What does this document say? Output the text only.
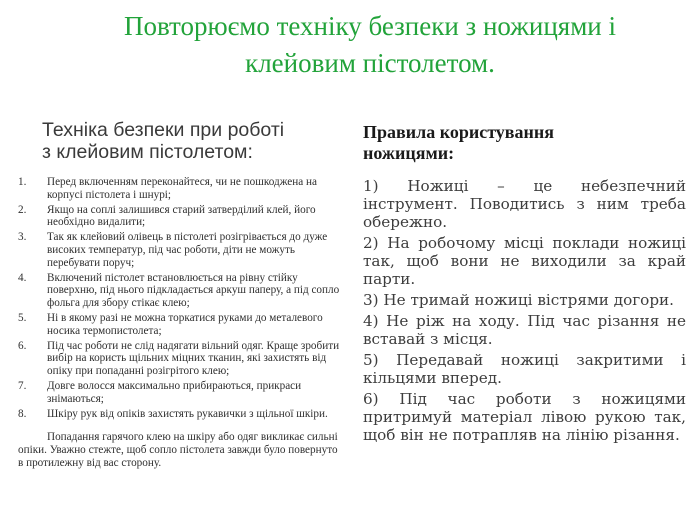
Повторюємо техніку безпеки з ножицями і
клейовим пістолетом.
Техніка безпеки при роботі
з клейовим пістолетом:
1. Перед включенням переконайтеся, чи не пошкоджена на корпусі пістолета і шнурі;
2. Якщо на соплі залишився старий затверділий клей, його необхідно видалити;
3. Так як клейовий олівець в пістолеті розігрівається до дуже високих температур, під час роботи, діти не можуть перебувати поруч;
4. Включений пістолет встановлюється на рівну стійку поверхню, під нього підкладається аркуш паперу, а під сопло фольга для збору стікає клею;
5. Ні в якому разі не можна торкатися руками до металевого носика термопистолета;
6. Під час роботи не слід надягати вільний одяг. Краще зробити вибір на користь щільних міцних тканин, які захистять від опіку при попаданні розігрітого клею;
7. Довге волосся максимально прибираються, прикраси знімаються;
8. Шкіру рук від опіків захистять рукавички з щільної шкіри.

Попадання гарячого клею на шкіру або одяг викликає сильні опіки. Уважно стежте, щоб сопло пістолета завжди було повернуто в протилежну від вас сторону.

Правила користування
ножицями:
1) Ножиці – це небезпечний інструмент. Поводитись з ним треба обережно.
2) На робочому місці поклади ножиці так, щоб вони не виходили за край парти.
3) Не тримай ножиці вістрями догори.
4) Не ріж на ходу. Під час різання не вставай з місця.
5) Передавай ножиці закритими і кільцями вперед.
6) Під час роботи з ножицями притримуй матеріал лівою рукою так, щоб він не потрапляв на лінію різання.
